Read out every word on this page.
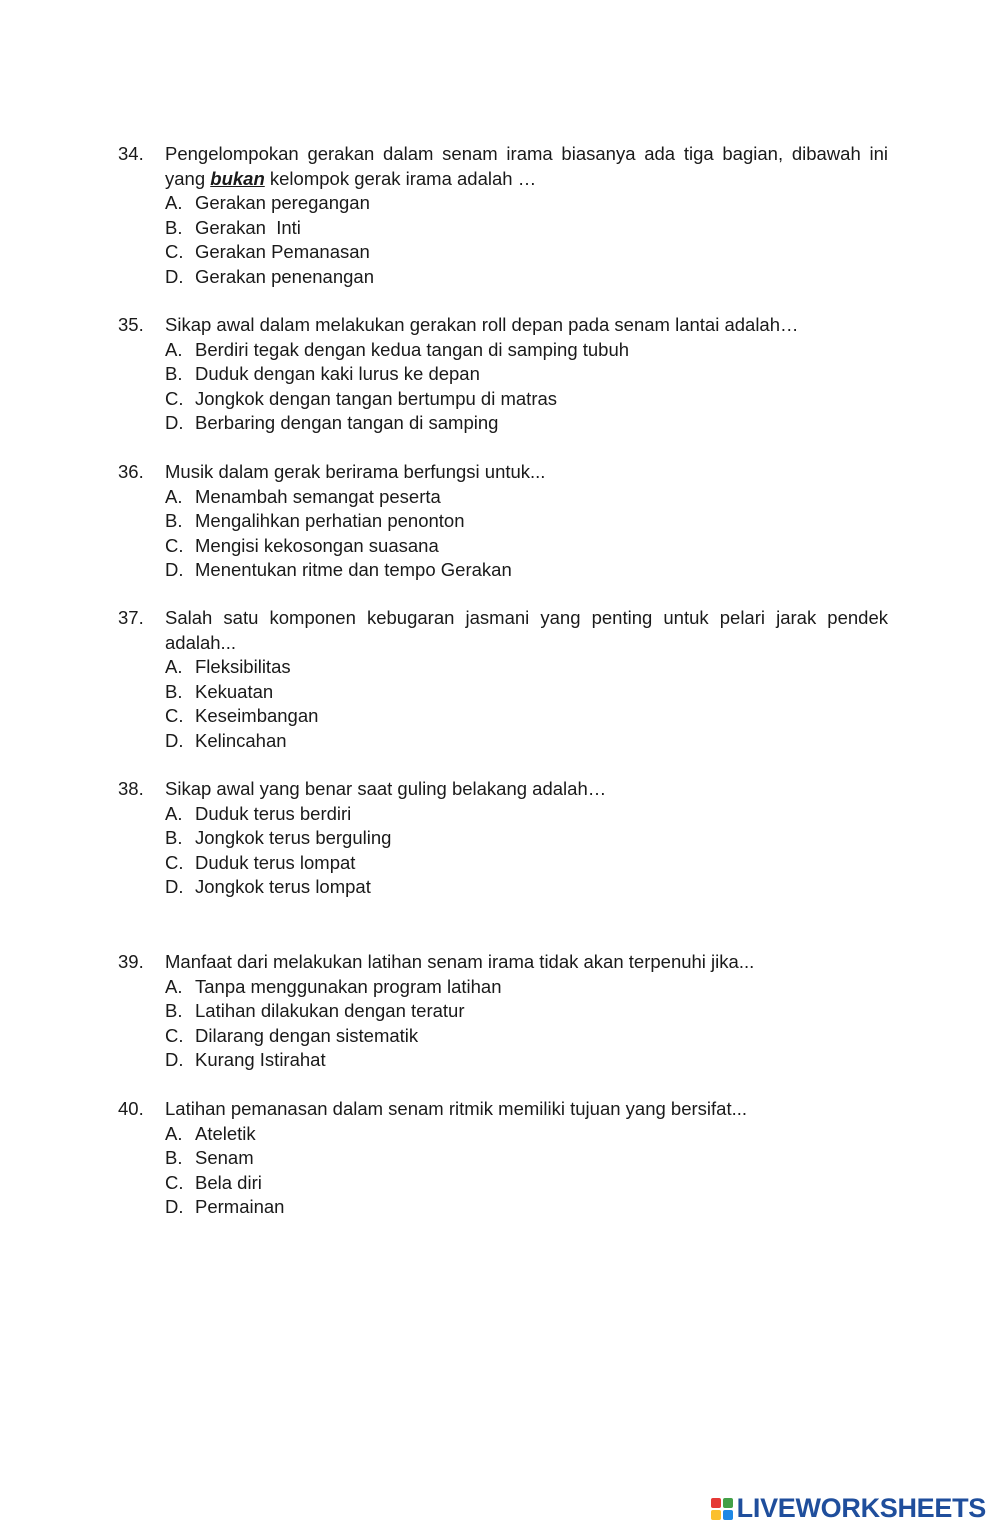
34.	Pengelompokan gerakan dalam senam irama biasanya ada tiga bagian, dibawah ini yang bukan kelompok gerak irama adalah …
A. Gerakan peregangan
B. Gerakan  Inti
C. Gerakan Pemanasan
D. Gerakan penenangan
35.	Sikap awal dalam melakukan gerakan roll depan pada senam lantai adalah…
A. Berdiri tegak dengan kedua tangan di samping tubuh
B. Duduk dengan kaki lurus ke depan
C. Jongkok dengan tangan bertumpu di matras
D. Berbaring dengan tangan di samping
36.	Musik dalam gerak berirama berfungsi untuk...
A. Menambah semangat peserta
B. Mengalihkan perhatian penonton
C. Mengisi kekosongan suasana
D. Menentukan ritme dan tempo Gerakan
37.	Salah satu komponen kebugaran jasmani yang penting untuk pelari jarak pendek adalah...
A. Fleksibilitas
B. Kekuatan
C. Keseimbangan
D. Kelincahan
38.	Sikap awal yang benar saat guling belakang adalah…
A. Duduk terus berdiri
B. Jongkok terus berguling
C. Duduk terus lompat
D. Jongkok terus lompat
39.	Manfaat dari melakukan latihan senam irama tidak akan terpenuhi jika...
A. Tanpa menggunakan program latihan
B. Latihan dilakukan dengan teratur
C. Dilarang dengan sistematik
D. Kurang Istirahat
40.	Latihan pemanasan dalam senam ritmik memiliki tujuan yang bersifat...
A. Ateletik
B. Senam
C. Bela diri
D. Permainan
LIVEWORKSHEETS
